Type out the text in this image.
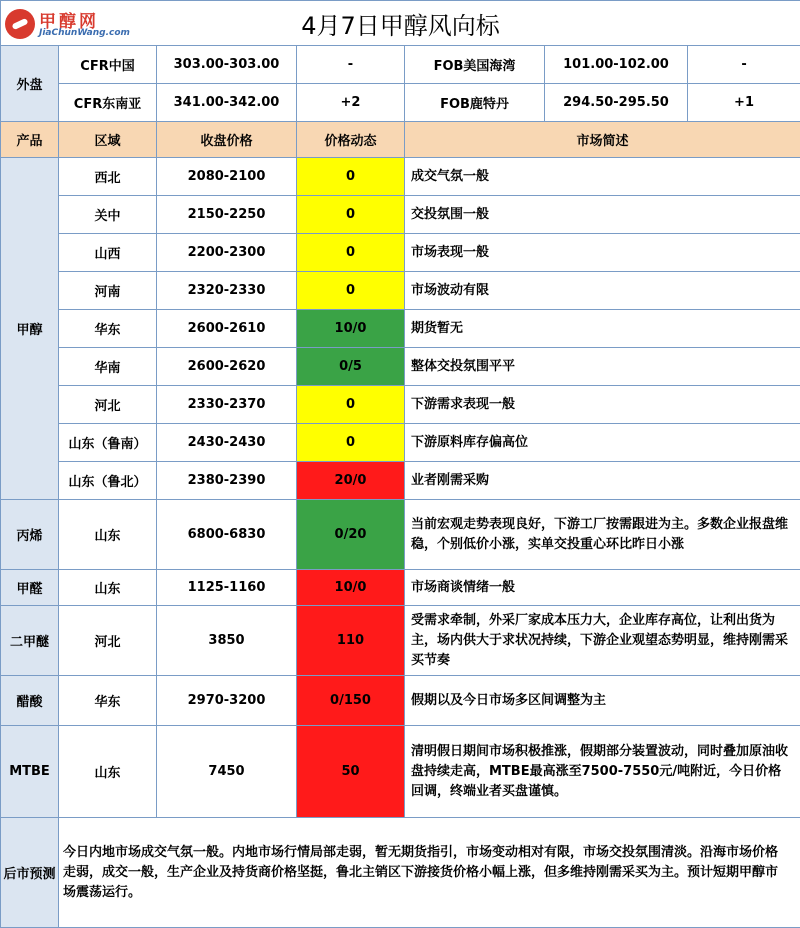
甲醇网
JiaChunWang.com 4月7日甲醇风向标						
外盘	CFR中国	303.00-303.00	-	FOB美国海湾	101.00-102.00	-
	CFR东南亚	341.00-342.00	+2	FOB鹿特丹	294.50-295.50	+1
产品	区域	收盘价格	价格动态	市场简述		
甲醇	西北	2080-2100	0	成交气氛一般		
	关中	2150-2250	0	交投氛围一般		
	山西	2200-2300	0	市场表现一般		
	河南	2320-2330	0	市场波动有限		
	华东	2600-2610	10/0	期货暂无		
	华南	2600-2620	0/5	整体交投氛围平平		
	河北	2330-2370	0	下游需求表现一般		
	山东（鲁南）	2430-2430	0	下游原料库存偏高位		
	山东（鲁北）	2380-2390	20/0	业者刚需采购		
丙烯	山东	6800-6830	0/20	当前宏观走势表现良好，下游工厂按需跟进为主。多数企业报盘维稳，个别低价小涨，实单交投重心环比昨日小涨		
甲醛	山东	1125-1160	10/0	市场商谈情绪一般		
二甲醚	河北	3850	110	受需求牵制，外采厂家成本压力大，企业库存高位，让利出货为主，场内供大于求状况持续，下游企业观望态势明显，维持刚需采买节奏		
醋酸	华东	2970-3200	0/150	假期以及今日市场多区间调整为主		
MTBE	山东	7450	50	清明假日期间市场积极推涨，假期部分装置波动，同时叠加原油收盘持续走高，MTBE最高涨至7500-7550元/吨附近，今日价格回调，终端业者买盘谨慎。		
后市预测	今日内地市场成交气氛一般。内地市场行情局部走弱，暂无期货指引，市场变动相对有限，市场交投氛围清淡。沿海市场价格走弱，成交一般，生产企业及持货商价格坚挺，鲁北主销区下游接货价格小幅上涨，但多维持刚需采买为主。预计短期甲醇市场震荡运行。					
